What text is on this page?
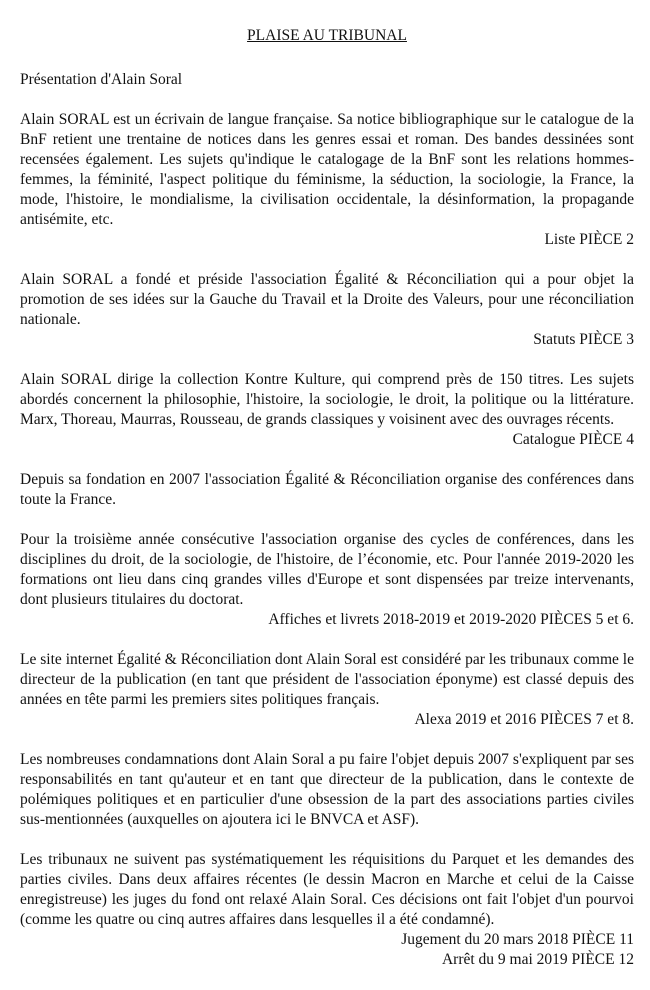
PLAISE AU TRIBUNAL

Présentation d'Alain Soral

Alain SORAL est un écrivain de langue française. Sa notice bibliographique sur le catalogue de la BnF retient une trentaine de notices dans les genres essai et roman. Des bandes dessinées sont recensées également. Les sujets qu'indique le catalogage de la BnF sont les relations hommes-femmes, la féminité, l'aspect politique du féminisme, la séduction, la sociologie, la France, la mode, l'histoire, le mondialisme, la civilisation occidentale, la désinformation, la propagande antisémite, etc.

Liste PIÈCE 2

Alain SORAL a fondé et préside l'association Égalité & Réconciliation qui a pour objet la promotion de ses idées sur la Gauche du Travail et la Droite des Valeurs, pour une réconciliation nationale.

Statuts PIÈCE 3

Alain SORAL dirige la collection Kontre Kulture, qui comprend près de 150 titres. Les sujets abordés concernent la philosophie, l'histoire, la sociologie, le droit, la politique ou la littérature. Marx, Thoreau, Maurras, Rousseau, de grands classiques y voisinent avec des ouvrages récents.

Catalogue PIÈCE 4

Depuis sa fondation en 2007 l'association Égalité & Réconciliation organise des conférences dans toute la France.

Pour la troisième année consécutive l'association organise des cycles de conférences, dans les disciplines du droit, de la sociologie, de l'histoire, de l’économie, etc. Pour l'année 2019-2020 les formations ont lieu dans cinq grandes villes d'Europe et sont dispensées par treize intervenants, dont plusieurs titulaires du doctorat.

Affiches et livrets 2018-2019 et 2019-2020 PIÈCES 5 et 6.

Le site internet Égalité & Réconciliation dont Alain Soral est considéré par les tribunaux comme le directeur de la publication (en tant que président de l'association éponyme) est classé depuis des années en tête parmi les premiers sites politiques français.

Alexa 2019 et 2016 PIÈCES 7 et 8.

Les nombreuses condamnations dont Alain Soral a pu faire l'objet depuis 2007 s'expliquent par ses responsabilités en tant qu'auteur et en tant que directeur de la publication, dans le contexte de polémiques politiques et en particulier d'une obsession de la part des associations parties civiles sus-mentionnées (auxquelles on ajoutera ici le BNVCA et ASF).

Les tribunaux ne suivent pas systématiquement les réquisitions du Parquet et les demandes des parties civiles. Dans deux affaires récentes (le dessin Macron en Marche et celui de la Caisse enregistreuse) les juges du fond ont relaxé Alain Soral. Ces décisions ont fait l'objet d'un pourvoi (comme les quatre ou cinq autres affaires dans lesquelles il a été condamné).

Jugement du 20 mars 2018 PIÈCE 11

Arrêt du 9 mai 2019 PIÈCE 12
